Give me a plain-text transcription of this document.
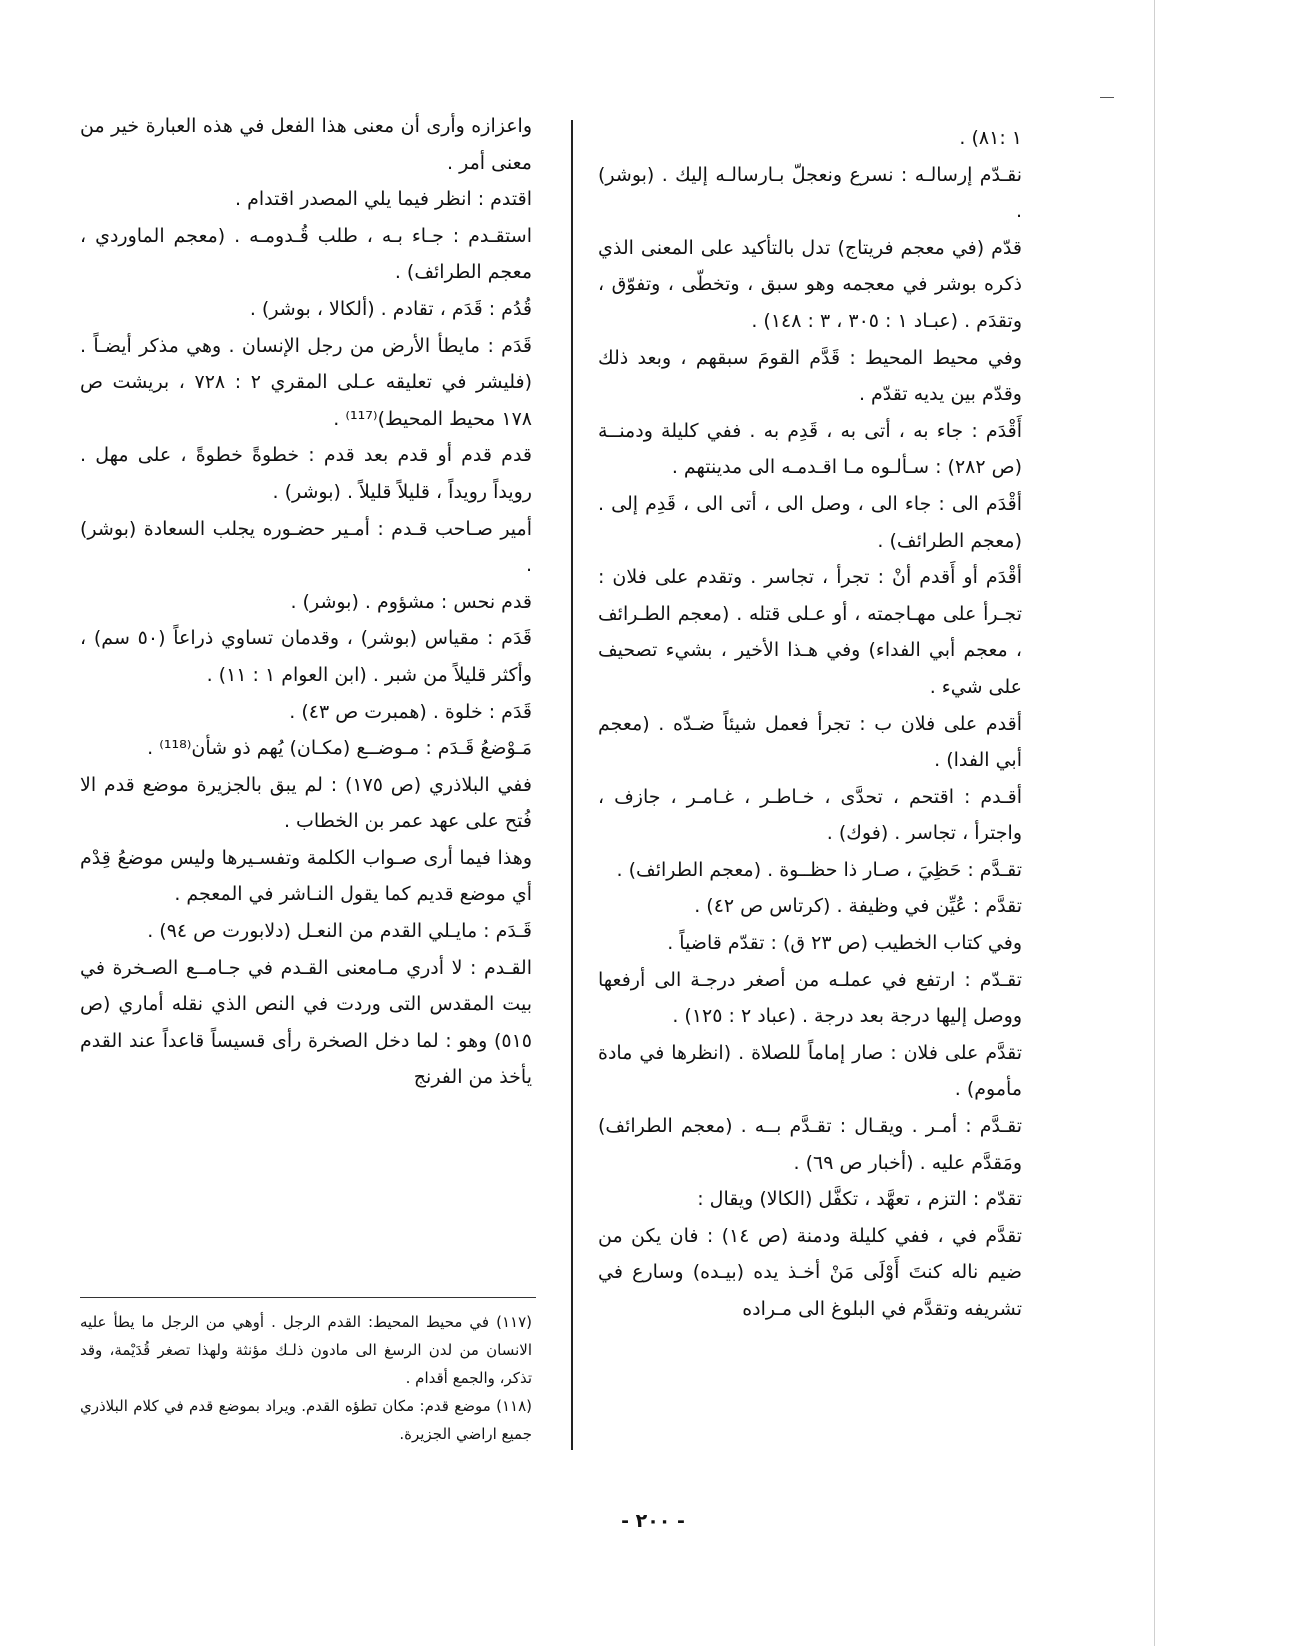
١ :٨١) .

نقـدّم إرسالـه : نسرع ونعجلّ بـارسالـه إليك . (بوشر) .

قدّم (في معجم فريتاج) تدل بالتأكيد على المعنى الذي ذكره بوشر في معجمه وهو سبق ، وتخطّى ، وتفوّق ، وتقدَم . (عبـاد ١ : ٣٠٥ ، ٣ : ١٤٨) .

وفي محيط المحيط : قَدَّم القومَ سبقهم ، وبعد ذلك وقدّم بين يديه تقدّم .

أَقْدَم : جاء به ، أتى به ، قَدِم به . ففي كليلة ودمنــة (ص ٢٨٢) : سـألـوه مـا اقـدمـه الى مدينتهم .

أقْدَم الى : جاء الى ، وصل الى ، أتى الى ، قَدِم إلى . (معجم الطرائف) .

أقْدَم أو أَقدم أنْ : تجرأ ، تجاسر . وتقدم على فلان : تجـرأ على مهـاجمته ، أو عـلى قتله . (معجم الطـرائف ، معجم أبي الفداء) وفي هـذا الأخير ، بشيء تصحيف على شيء .

أقدم على فلان ب : تجرأ فعمل شيئاً ضـدّه . (معجم أبي الفدا) .

أقـدم : اقتحم ، تحدَّى ، خـاطـر ، غـامـر ، جازف ، واجترأ ، تجاسر . (فوك) .

تقـدَّم : حَظِيَ ، صـار ذا حظــوة . (معجم الطرائف) .

تقدَّم : عُيِّن في وظيفة . (كرتاس ص ٤٢) .

وفي كتاب الخطيب (ص ٢٣ ق) : تقدّم قاضياً .

تقـدّم : ارتفع في عملـه من أصغر درجـة الى أرفعها ووصل إليها درجة بعد درجة . (عباد ٢ : ١٢٥) .

تقدَّم على فلان : صار إماماً للصلاة . (انظرها في مادة مأموم) .

تقـدَّم : أمـر . ويقـال : تقـدَّم بــه . (معجم الطرائف) ومَقدَّم عليه . (أخبار ص ٦٩) .

تقدّم : التزم ، تعهَّد ، تكفَّل (الكالا) ويقال :

تقدَّم في ، ففي كليلة ودمنة (ص ١٤) : فان يكن من ضيم ناله كنتَ أَوْلَى مَنْ أخـذ يده (بيـده) وسارع في تشريفه وتقدَّم في البلوغ الى مـراده

واعزازه وأرى أن معنى هذا الفعل في هذه العبارة خير من معنى أمر .

اقتدم : انظر فيما يلي المصدر اقتدام .

استقـدم : جـاء بـه ، طلب قُـدومـه . (معجم الماوردي ، معجم الطرائف) .

قُدُم : قَدَم ، تقادم . (ألكالا ، بوشر) .

قَدَم : مايطأ الأرض من رجل الإنسان . وهي مذكر أيضـاً . (فليشر في تعليقه عـلى المقري ٢ : ٧٢٨ ، بريشت ص ١٧٨ محيط المحيط)⁽¹¹⁷⁾ .

قدم قدم أو قدم بعد قدم : خطوةً خطوةً ، على مهل . رويداً رويداً ، قليلاً قليلاً . (بوشر) .

أمير صـاحب قـدم : أمـير حضـوره يجلب السعادة (بوشر) .

قدم نحس : مشؤوم . (بوشر) .

قَدَم : مقياس (بوشر) ، وقدمان تساوي ذراعاً (٥٠ سم) ، وأكثر قليلاً من شبر . (ابن العوام ١ : ١١) .

قَدَم : خلوة . (همبرت ص ٤٣) .

مَـوْضعُ قَـدَم : مـوضــع (مكـان) يُهم ذو شأن⁽¹¹⁸⁾ .

ففي البلاذري (ص ١٧٥) : لم يبق بالجزيرة موضع قدم الا فُتح على عهد عمر بن الخطاب .

وهذا فيما أرى صـواب الكلمة وتفسـيرها وليس موضعُ قِدْم أي موضع قديم كما يقول النـاشر في المعجم .

قَـدَم : مايـلي القدم من النعـل (دلابورت ص ٩٤) .

القـدم : لا أدري مـامعنى القـدم في جـامــع الصـخرة في بيت المقدس التى وردت في النص الذي نقله أماري (ص ٥١٥) وهو : لما دخل الصخرة رأى قسيساً قاعداً عند القدم يأخذ من الفرنج

(١١٧) في محيط المحيط: القدم الرجل . أوهي من الرجل ما يطأ عليه الانسان من لدن الرسغ الى مادون ذلـك مؤنثة ولهذا تصغر قُدَيْمة، وقد تذكر، والجمع أقدام .

(١١٨) موضع قدم: مكان تطؤه القدم. ويراد بموضع قدم في كلام البلاذري جميع اراضي الجزيرة.

- ٢٠٠ -
